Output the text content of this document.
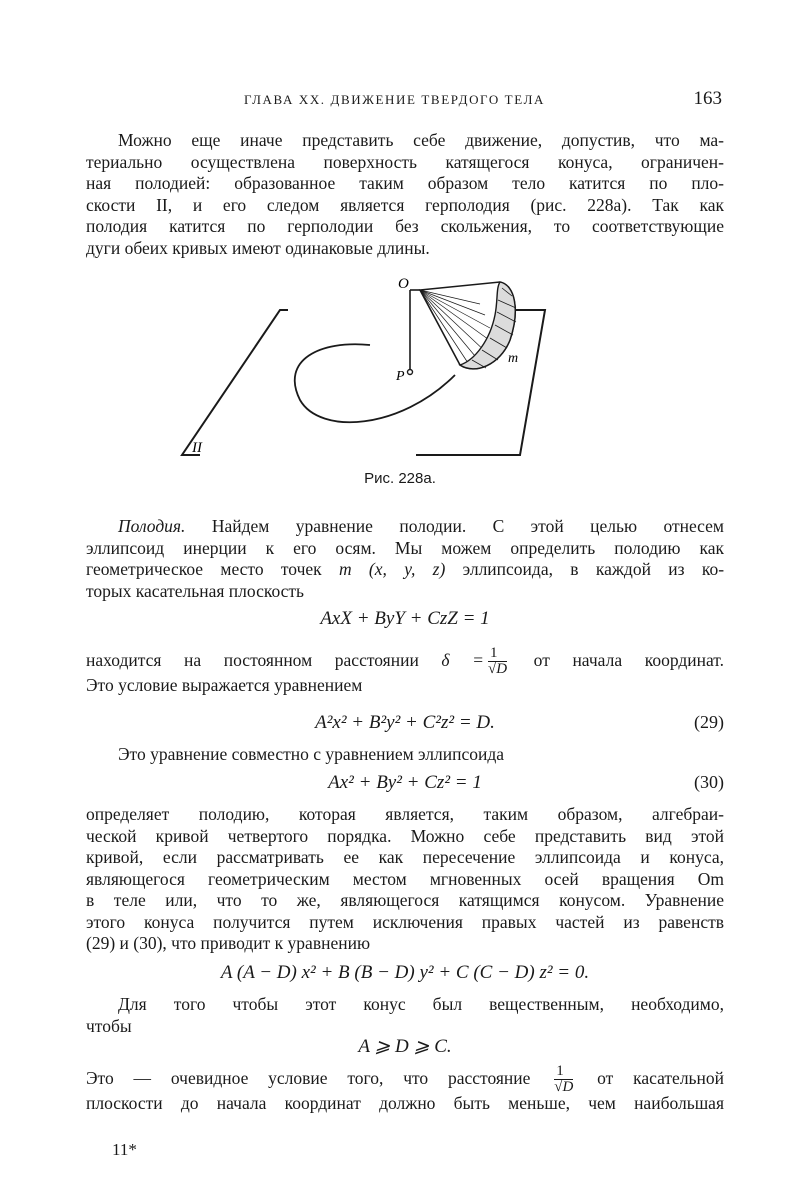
ГЛАВА XX. ДВИЖЕНИЕ ТВЕРДОГО ТЕЛА	163
Можно еще иначе представить себе движение, допустив, что ма-
териально осуществлена поверхность катящегося конуса, ограничен-
ная полодией: образованное таким образом тело катится по пло-
скости II, и его следом является герполодия (рис. 228а). Так как
полодия катится по герполодии без скольжения, то соответствующие
дуги обеих кривых имеют одинаковые длины.
O
P
m
II
Рис. 228а.
Полодия. Найдем уравнение полодии. С этой целью отнесем
эллипсоид инерции к его осям. Мы можем определить полодию как
геометрическое место точек m (x, y, z) эллипсоида, в каждой из ко-
торых касательная плоскость
AxX + ByY + CzZ = 1
находится на постоянном расстоянии $\delta = \frac{1}{√D}$ от начала координат.
Это условие выражается уравнением
A²x² + B²y² + C²z² = D.	(29)
Это уравнение совместно с уравнением эллипсоида
Ax² + By² + Cz² = 1	(30)
определяет полодию, которая является, таким образом, алгебраи-
ческой кривой четвертого порядка. Можно себе представить вид этой
кривой, если рассматривать ее как пересечение эллипсоида и конуса,
являющегося геометрическим местом мгновенных осей вращения Om
в теле или, что то же, являющегося катящимся конусом. Уравнение
этого конуса получится путем исключения правых частей из равенств
(29) и (30), что приводит к уравнению
A (A − D) x² + B (B − D) y² + C (C − D) z² = 0.
Для того чтобы этот конус был вещественным, необходимо,
чтобы
A ⩾ D ⩾ C.
Это — очевидное условие того, что расстояние $\frac{1}{√D}$ от касательной
плоскости до начала координат должно быть меньше, чем наибольшая
11*
